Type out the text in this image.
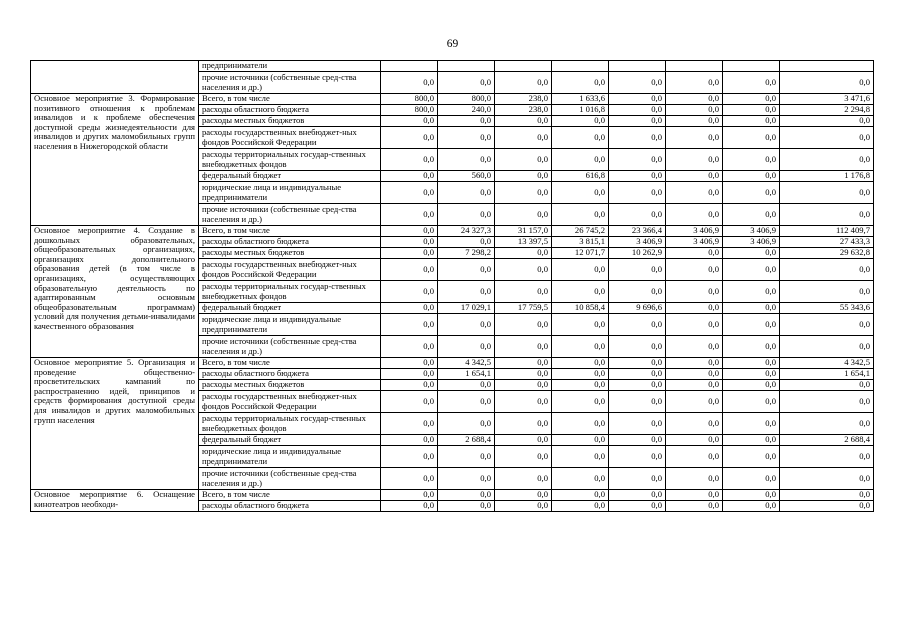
69
	предприниматели								
	прочие источники (собственные сред-ства населения и др.)	0,0	0,0	0,0	0,0	0,0	0,0	0,0	0,0
Основное мероприятие 3. Формирование позитивного отношения к проблемам инвалидов и к проблеме обеспечения доступной среды жизнедеятельности для инвалидов и других маломобильных групп населения в Нижегородской области	Всего, в том числе	800,0	800,0	238,0	1 633,6	0,0	0,0	0,0	3 471,6
	расходы областного бюджета	800,0	240,0	238,0	1 016,8	0,0	0,0	0,0	2 294,8
	расходы местных бюджетов	0,0	0,0	0,0	0,0	0,0	0,0	0,0	0,0
	расходы государственных внебюджет-ных фондов Российской Федерации	0,0	0,0	0,0	0,0	0,0	0,0	0,0	0,0
	расходы территориальных государ-ственных внебюджетных фондов	0,0	0,0	0,0	0,0	0,0	0,0	0,0	0,0
	федеральный бюджет	0,0	560,0	0,0	616,8	0,0	0,0	0,0	1 176,8
	юридические лица и индивидуальные предприниматели	0,0	0,0	0,0	0,0	0,0	0,0	0,0	0,0
	прочие источники (собственные сред-ства населения и др.)	0,0	0,0	0,0	0,0	0,0	0,0	0,0	0,0
Основное мероприятие 4. Создание в дошкольных образовательных, общеобразовательных организациях, организациях дополнительного образования детей (в том числе в организациях, осуществляющих образовательную деятельность по адаптированным основным общеобразовательным программам) условий для получения детьми-инвалидами качественного образования	Всего, в том числе	0,0	24 327,3	31 157,0	26 745,2	23 366,4	3 406,9	3 406,9	112 409,7
	расходы областного бюджета	0,0	0,0	13 397,5	3 815,1	3 406,9	3 406,9	3 406,9	27 433,3
	расходы местных бюджетов	0,0	7 298,2	0,0	12 071,7	10 262,9	0,0	0,0	29 632,8
	расходы государственных внебюджет-ных фондов Российской Федерации	0,0	0,0	0,0	0,0	0,0	0,0	0,0	0,0
	расходы территориальных государ-ственных внебюджетных фондов	0,0	0,0	0,0	0,0	0,0	0,0	0,0	0,0
	федеральный бюджет	0,0	17 029,1	17 759,5	10 858,4	9 696,6	0,0	0,0	55 343,6
	юридические лица и индивидуальные предприниматели	0,0	0,0	0,0	0,0	0,0	0,0	0,0	0,0
	прочие источники (собственные сред-ства населения и др.)	0,0	0,0	0,0	0,0	0,0	0,0	0,0	0,0
Основное мероприятие 5. Организация и проведение общественно-просветительских кампаний по распространению идей, принципов и средств формирования доступной среды для инвалидов и других маломобильных групп населения	Всего, в том числе	0,0	4 342,5	0,0	0,0	0,0	0,0	0,0	4 342,5
	расходы областного бюджета	0,0	1 654,1	0,0	0,0	0,0	0,0	0,0	1 654,1
	расходы местных бюджетов	0,0	0,0	0,0	0,0	0,0	0,0	0,0	0,0
	расходы государственных внебюджет-ных фондов Российской Федерации	0,0	0,0	0,0	0,0	0,0	0,0	0,0	0,0
	расходы территориальных государ-ственных внебюджетных фондов	0,0	0,0	0,0	0,0	0,0	0,0	0,0	0,0
	федеральный бюджет	0,0	2 688,4	0,0	0,0	0,0	0,0	0,0	2 688,4
	юридические лица и индивидуальные предприниматели	0,0	0,0	0,0	0,0	0,0	0,0	0,0	0,0
	прочие источники (собственные сред-ства населения и др.)	0,0	0,0	0,0	0,0	0,0	0,0	0,0	0,0
Основное мероприятие 6. Оснащение кинотеатров необходи-	Всего, в том числе	0,0	0,0	0,0	0,0	0,0	0,0	0,0	0,0
	расходы областного бюджета	0,0	0,0	0,0	0,0	0,0	0,0	0,0	0,0
